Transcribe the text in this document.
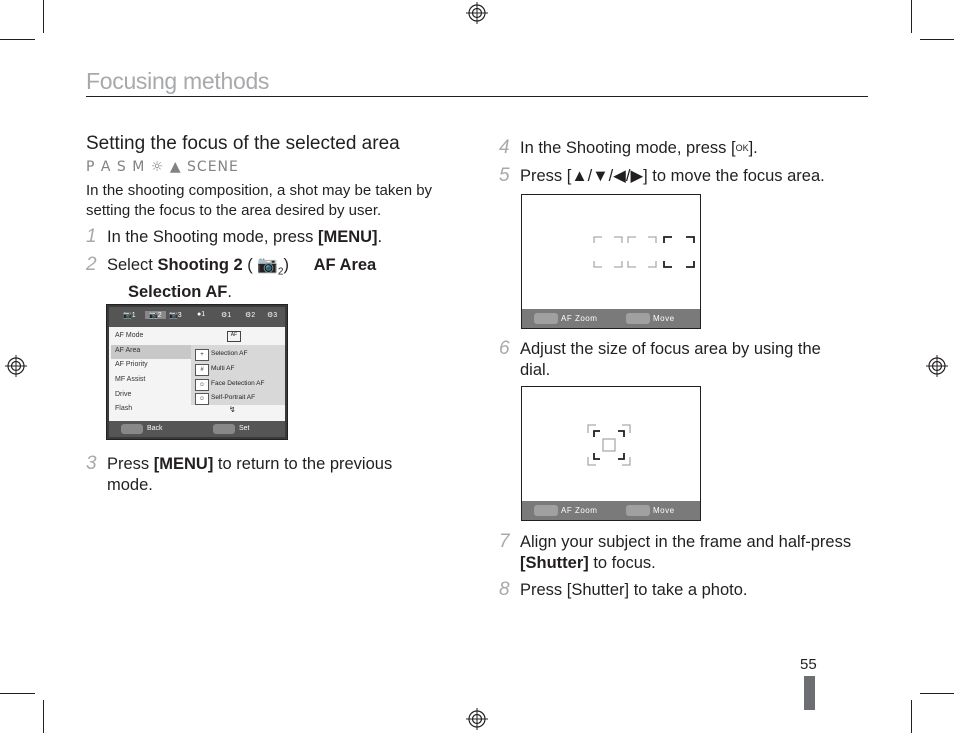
Focusing methods
Setting the focus of the selected area
P A S M ☼ ▲ SCENE
In the shooting composition, a shot may be taken by setting the focus to the area desired by user.
1 In the Shooting mode, press [MENU].
2 Select Shooting 2 ( $📷_2$) AF Area
Selection AF.
📷1	📷2	📷3 ●1 ⚙1 ⚙2 ⚙3
AF Mode
AF Area
AF Priority
MF Assist
Drive
Flash
AF
+	Selection AF
#	Multi AF
☺ Face Detection AF
☺ Self-Portrait AF
↯
Back	Set
3 Press [MENU] to return to the previous
mode.
4 In the Shooting mode, press [$^{OK}$].
5 Press [▲/▼/◀/▶] to move the focus area.
AF Zoom	Move
6 Adjust the size of focus area by using the
dial.
AF Zoom	Move
7 Align your subject in the frame and half-press
[Shutter] to focus.
8 Press [Shutter] to take a photo.
55
